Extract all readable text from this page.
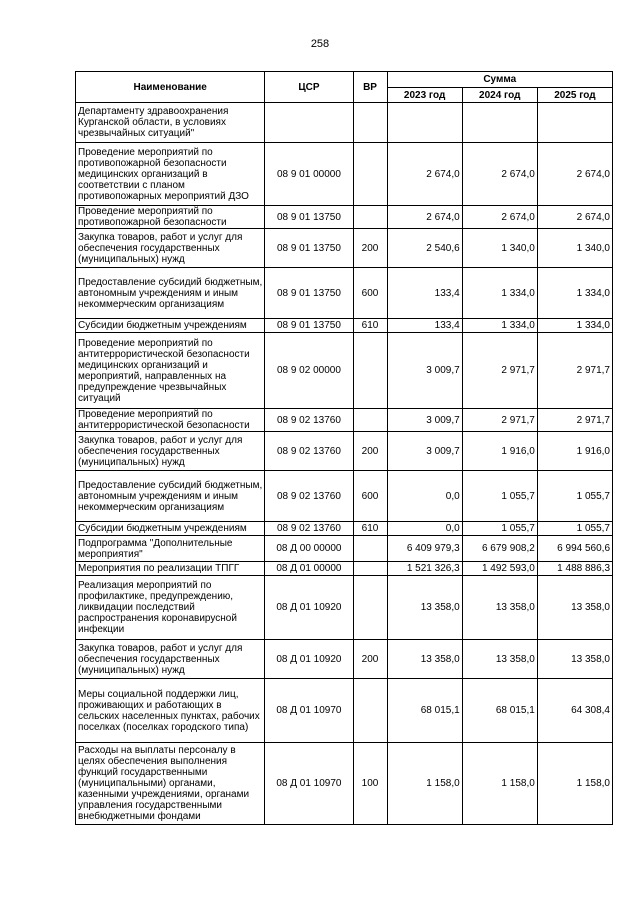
258
Наименование	ЦСР	ВР	Сумма		
			2023 год	2024 год	2025 год
Департаменту здравоохранения Курганской области, в условиях чрезвычайных ситуаций"					
Проведение мероприятий по противопожарной безопасности медицинских организаций в соответствии с планом противопожарных мероприятий ДЗО	08 9 01 00000		2 674,0	2 674,0	2 674,0
Проведение мероприятий по противопожарной безопасности	08 9 01 13750		2 674,0	2 674,0	2 674,0
Закупка товаров, работ и услуг для обеспечения государственных (муниципальных) нужд	08 9 01 13750	200	2 540,6	1 340,0	1 340,0
Предоставление субсидий бюджетным, автономным учреждениям и иным некоммерческим организациям	08 9 01 13750	600	133,4	1 334,0	1 334,0
Субсидии бюджетным учреждениям	08 9 01 13750	610	133,4	1 334,0	1 334,0
Проведение мероприятий по антитеррористической безопасности медицинских организаций и мероприятий, направленных на предупреждение чрезвычайных ситуаций	08 9 02 00000		3 009,7	2 971,7	2 971,7
Проведение мероприятий по антитеррористической безопасности	08 9 02 13760		3 009,7	2 971,7	2 971,7
Закупка товаров, работ и услуг для обеспечения государственных (муниципальных) нужд	08 9 02 13760	200	3 009,7	1 916,0	1 916,0
Предоставление субсидий бюджетным, автономным учреждениям и иным некоммерческим организациям	08 9 02 13760	600	0,0	1 055,7	1 055,7
Субсидии бюджетным учреждениям	08 9 02 13760	610	0,0	1 055,7	1 055,7
Подпрограмма "Дополнительные мероприятия"	08 Д 00 00000		6 409 979,3	6 679 908,2	6 994 560,6
Мероприятия по реализации ТПГГ	08 Д 01 00000		1 521 326,3	1 492 593,0	1 488 886,3
Реализация мероприятий по профилактике, предупреждению, ликвидации последствий распространения коронавирусной инфекции	08 Д 01 10920		13 358,0	13 358,0	13 358,0
Закупка товаров, работ и услуг для обеспечения государственных (муниципальных) нужд	08 Д 01 10920	200	13 358,0	13 358,0	13 358,0
Меры социальной поддержки лиц, проживающих и работающих в сельских населенных пунктах, рабочих поселках (поселках городского типа)	08 Д 01 10970		68 015,1	68 015,1	64 308,4
Расходы на выплаты персоналу в целях обеспечения выполнения функций государственными (муниципальными) органами, казенными учреждениями, органами управления государственными внебюджетными фондами	08 Д 01 10970	100	1 158,0	1 158,0	1 158,0
